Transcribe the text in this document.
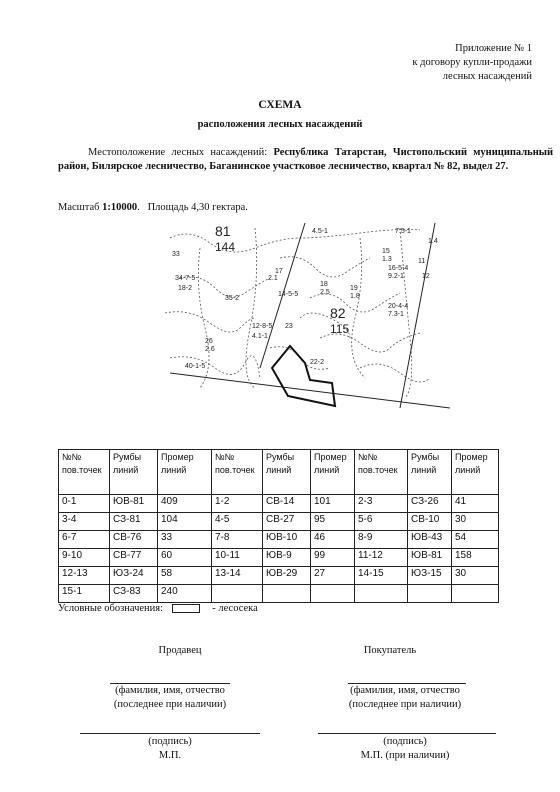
Приложение № 1
к договору купли-продажи
лесных насаждений
СХЕМА
расположения лесных насаждений
Местоположение лесных насаждений: Республика Татарстан, Чистопольский муниципальный район, Билярское лесничество, Баганинское участковое лесничество, квартал № 82, выдел 27.
Масштаб 1:10000.   Площадь 4,30 гектара.
81
144
82
115
34-7-5
18-2
35-2
12-8-5
4.1-1
18
2.5
19
1.8
20-4-4
7.3-1
16-5-4
9.2-1
15
1.3
33
40-1-5
22-2
23
14-5-5
17
11
12
7.5-1
4.5-1
1.4
2.1
26
2.6
№№ пов.точек	Румбы линий	Промер линий	№№ пов.точек	Румбы линий	Промер линий	№№ пов.точек	Румбы линий	Промер линий
0-1	ЮВ-81	409	1-2	СВ-14	101	2-3	СЗ-26	41
3-4	СЗ-81	104	4-5	СВ-27	95	5-6	СВ-10	30
6-7	СВ-76	33	7-8	ЮВ-10	46	8-9	ЮВ-43	54
9-10	СВ-77	60	10-11	ЮВ-9	99	11-12	ЮВ-81	158
12-13	ЮЗ-24	58	13-14	ЮВ-29	27	14-15	ЮЗ-15	30
15-1	СЗ-83	240						
Условные обозначения:	- лесосека
Продавец	Покупатель
(фамилия, имя, отчество
(последнее при наличии)
(фамилия, имя, отчество
(последнее при наличии)
(подпись)
М.П.
(подпись)
М.П. (при наличии)
